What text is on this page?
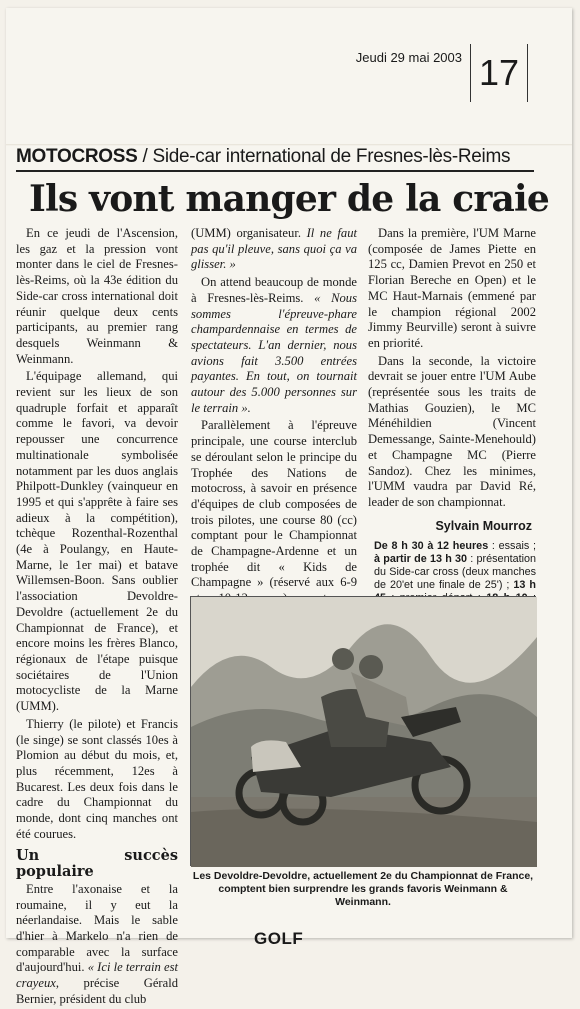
Jeudi 29 mai 2003 17
MOTOCROSS / Side-car international de Fresnes-lès-Reims
Ils vont manger de la craie

En ce jeudi de l'Ascension, les gaz et la pression vont monter dans le ciel de Fresnes-lès-Reims, où la 43e édition du Side-car cross international doit réunir quelque deux cents participants, au premier rang desquels Weinmann & Weinmann.

L'équipage allemand, qui revient sur les lieux de son quadruple forfait et apparaît comme le favori, va devoir repousser une concurrence multinationale symbolisée notamment par les duos anglais Philpott-Dunkley (vainqueur en 1995 et qui s'apprête à faire ses adieux à la compétition), tchèque Rozenthal-Rozenthal (4e à Poulangy, en Haute-Marne, le 1er mai) et batave Willemsen-Boon. Sans oublier l'association Devoldre-Devoldre (actuellement 2e du Championnat de France), et encore moins les frères Blanco, régionaux de l'étape puisque sociétaires de l'Union motocycliste de la Marne (UMM).

Thierry (le pilote) et Francis (le singe) se sont classés 10es à Plomion au début du mois, et, plus récemment, 12es à Bucarest. Les deux fois dans le cadre du Championnat du monde, dont cinq manches ont été courues.

Un succès populaire

Entre l'axonaise et la roumaine, il y eut la néerlandaise. Mais le sable d'hier à Markelo n'a rien de comparable avec la surface d'aujourd'hui. « Ici le terrain est crayeux, précise Gérald Bernier, président du club

(UMM) organisateur. Il ne faut pas qu'il pleuve, sans quoi ça va glisser. »

On attend beaucoup de monde à Fresnes-lès-Reims. « Nous sommes l'épreuve-phare champardennaise en termes de spectateurs. L'an dernier, nous avions fait 3.500 entrées payantes. En tout, on tournait autour des 5.000 personnes sur le terrain ».

Parallèlement à l'épreuve principale, une course interclub se déroulant selon le principe du Trophée des Nations de motocross, à savoir en présence d'équipes de club composées de trois pilotes, une course 80 (cc) comptant pour le Championnat de Champagne-Ardenne et un trophée dit « Kids de Champagne » (réservé aux 6-9

Dans la première, l'UM Marne (composée de James Piette en 125 cc, Damien Prevot en 250 et Florian Bereche en Open) et le MC Haut-Marnais (emmené par le champion régional 2002 Jimmy Beurville) seront à suivre en priorité.

Dans la seconde, la victoire devrait se jouer entre l'UM Aube (représentée sous les traits de Mathias Gouzien), le MC Ménéhildien (Vincent Demessange, Sainte-Menehould) et Champagne MC (Pierre Sandoz). Chez les minimes, l'UMM vaudra par David Ré, leader de son championnat.

Sylvain Mourroz

De 8 h 30 à 12 heures : essais ; à partir de 13 h 30 : présentation du Side-car cross (deux manches de 20'et une finale de 25') ; 13 h

Les Devoldre-Devoldre, actuellement 2e du Championnat de France, comptent bien surprendre les grands favoris Weinmann & Weinmann.
GOLF
